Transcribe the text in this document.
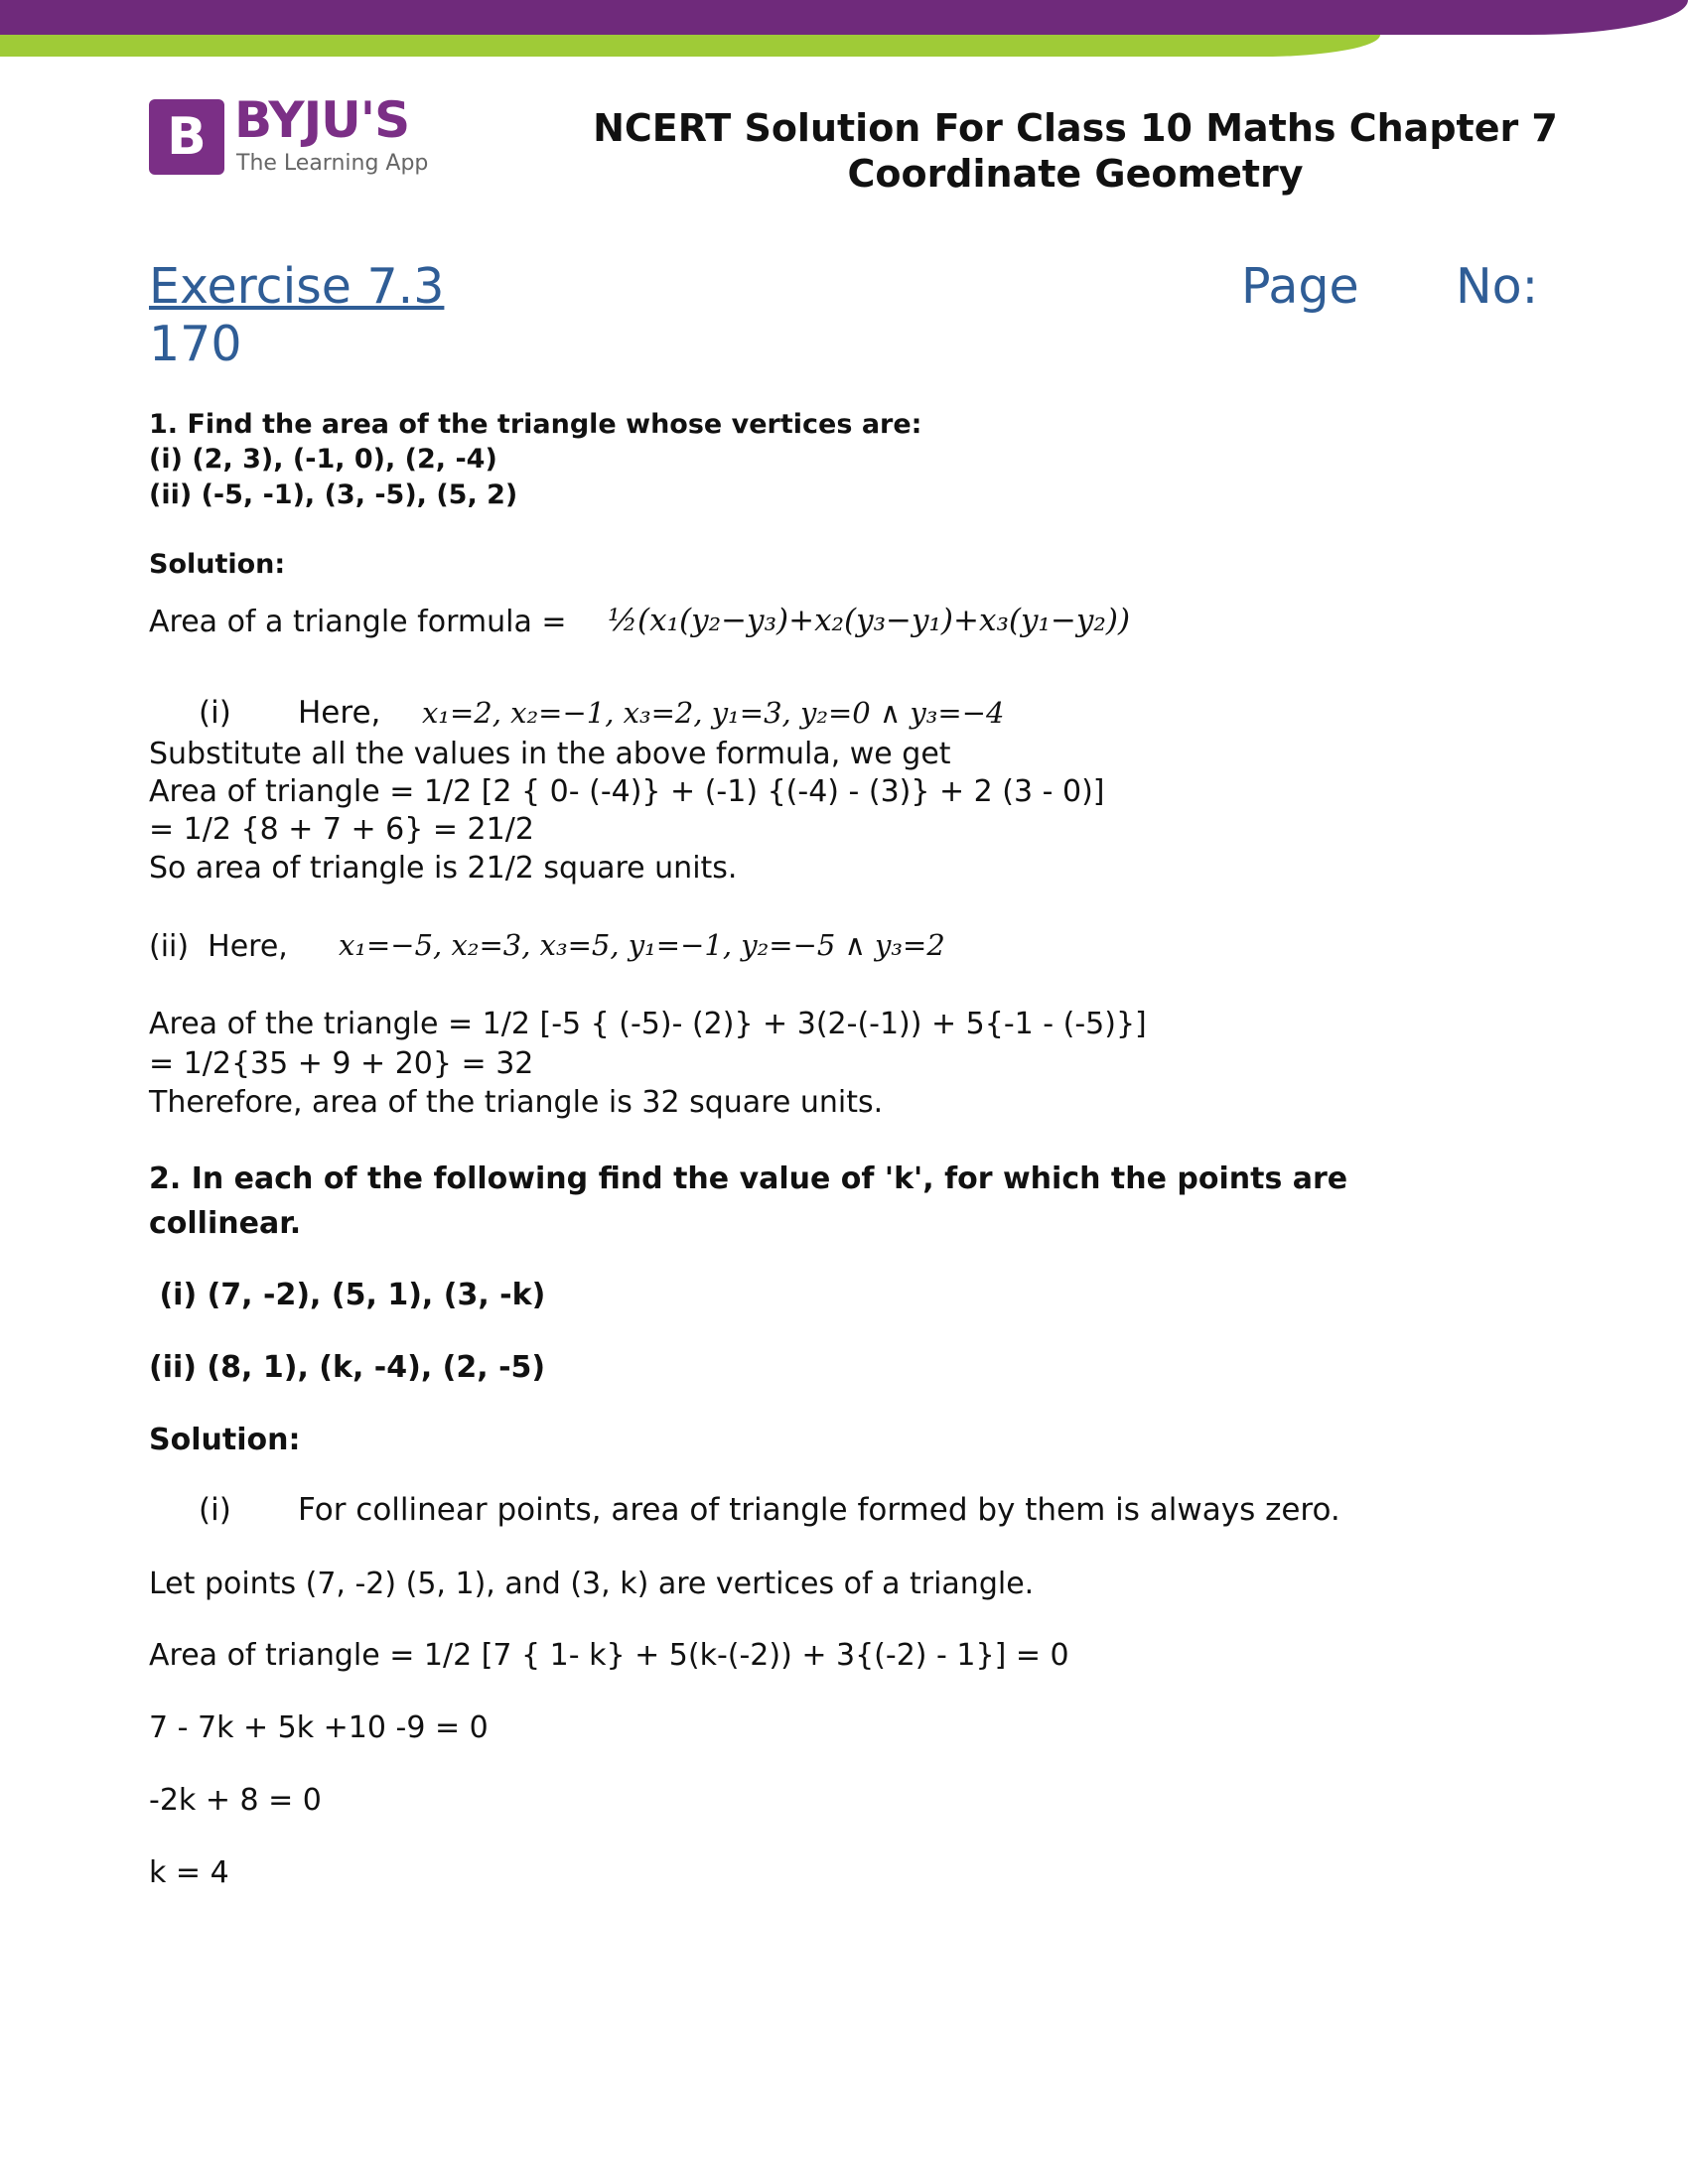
B BYJU'S
The Learning App
NCERT Solution For Class 10 Maths Chapter 7
Coordinate Geometry
Exercise 7.3	Page No:
170
1. Find the area of the triangle whose vertices are:
(i) (2, 3), (-1, 0), (2, -4)
(ii) (-5, -1), (3, -5), (5, 2)
Solution:
Area of a triangle formula = ½(x₁(y₂−y₃)+x₂(y₃−y₁)+x₃(y₁−y₂))
(i) Here, x₁=2, x₂=−1, x₃=2, y₁=3, y₂=0 ∧ y₃=−4
Substitute all the values in the above formula, we get
Area of triangle = 1/2 [2 { 0- (-4)} + (-1) {(-4) - (3)} + 2 (3 - 0)]
= 1/2 {8 + 7 + 6} = 21/2
So area of triangle is 21/2 square units.
(ii)  Here, x₁=−5, x₂=3, x₃=5, y₁=−1, y₂=−5 ∧ y₃=2
Area of the triangle = 1/2 [-5 { (-5)- (2)} + 3(2-(-1)) + 5{-1 - (-5)}]
= 1/2{35 + 9 + 20} = 32
Therefore, area of the triangle is 32 square units.
2. In each of the following find the value of 'k', for which the points are
collinear.
(i) (7, -2), (5, 1), (3, -k)
(ii) (8, 1), (k, -4), (2, -5)
Solution:
(i) For collinear points, area of triangle formed by them is always zero.
Let points (7, -2) (5, 1), and (3, k) are vertices of a triangle.
Area of triangle = 1/2 [7 { 1- k} + 5(k-(-2)) + 3{(-2) - 1}] = 0
7 - 7k + 5k +10 -9 = 0
-2k + 8 = 0
k = 4
